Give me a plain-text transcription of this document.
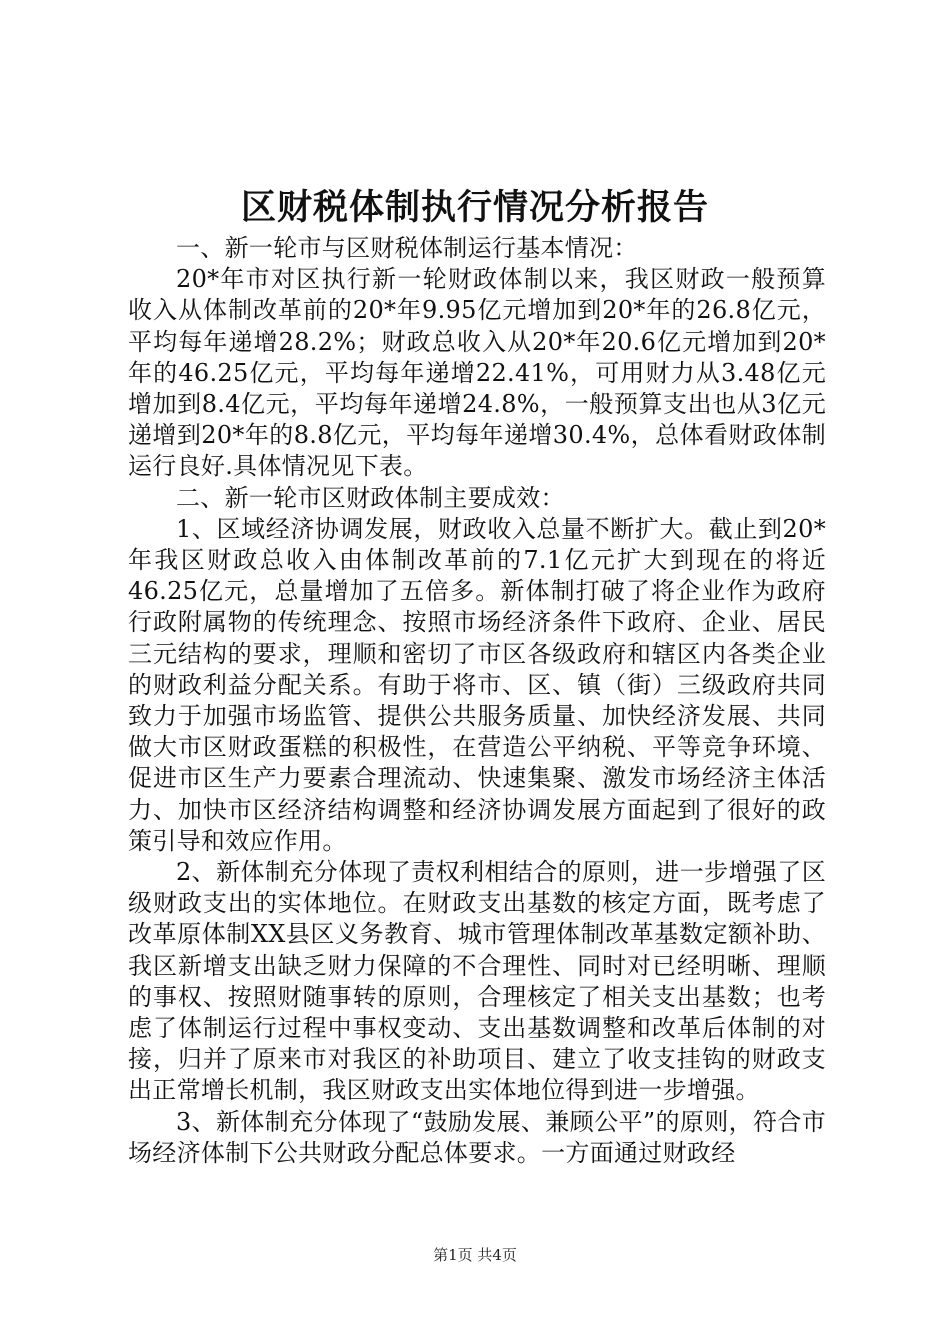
区财税体制执行情况分析报告

一、新一轮市与区财税体制运行基本情况：

20*年市对区执行新一轮财政体制以来，我区财政一般预算收入从体制改革前的20*年9.95亿元增加到20*年的26.8亿元，平均每年递增28.2%；财政总收入从20*年20.6亿元增加到20*年的46.25亿元，平均每年递增22.41%，可用财力从3.48亿元增加到8.4亿元，平均每年递增24.8%，一般预算支出也从3亿元递增到20*年的8.8亿元，平均每年递增30.4%，总体看财政体制运行良好.具体情况见下表。

二、新一轮市区财政体制主要成效：

1、区域经济协调发展，财政收入总量不断扩大。截止到20*年我区财政总收入由体制改革前的7.1亿元扩大到现在的将近46.25亿元，总量增加了五倍多。新体制打破了将企业作为政府行政附属物的传统理念、按照市场经济条件下政府、企业、居民三元结构的要求，理顺和密切了市区各级政府和辖区内各类企业的财政利益分配关系。有助于将市、区、镇（街）三级政府共同致力于加强市场监管、提供公共服务质量、加快经济发展、共同做大市区财政蛋糕的积极性，在营造公平纳税、平等竞争环境、促进市区生产力要素合理流动、快速集聚、激发市场经济主体活力、加快市区经济结构调整和经济协调发展方面起到了很好的政策引导和效应作用。

2、新体制充分体现了责权利相结合的原则，进一步增强了区级财政支出的实体地位。在财政支出基数的核定方面，既考虑了改革原体制XX县区义务教育、城市管理体制改革基数定额补助、我区新增支出缺乏财力保障的不合理性、同时对已经明晰、理顺的事权、按照财随事转的原则，合理核定了相关支出基数；也考虑了体制运行过程中事权变动、支出基数调整和改革后体制的对接，归并了原来市对我区的补助项目、建立了收支挂钩的财政支出正常增长机制，我区财政支出实体地位得到进一步增强。

3、新体制充分体现了“鼓励发展、兼顾公平”的原则，符合市场经济体制下公共财政分配总体要求。一方面通过财政经

第1页 共4页
